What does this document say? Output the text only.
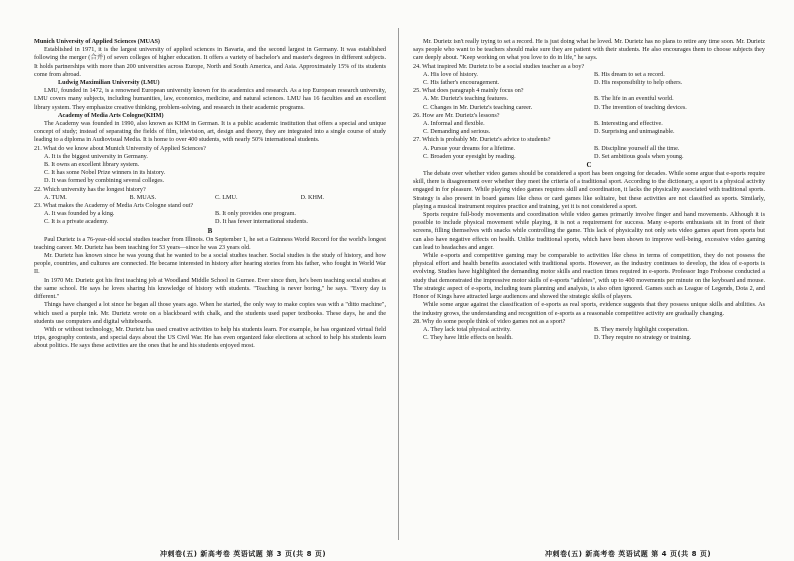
Munich University of Applied Sciences (MUAS)

Established in 1971, it is the largest university of applied sciences in Bavaria, and the second largest in Germany. It was established following the merger (合并) of seven colleges of higher education. It offers a variety of bachelor's and master's degrees in different subjects. It holds partnerships with more than 200 universities across Europe, North and South America, and Asia. Approximately 15% of its students come from abroad.

Ludwig Maximilian University (LMU)

LMU, founded in 1472, is a renowned European university known for its academics and research. As a top European research university, LMU covers many subjects, including humanities, law, economics, medicine, and natural sciences. LMU has 16 faculties and an excellent library system. They emphasize creative thinking, problem-solving, and research in their academic programs.

Academy of Media Arts Cologne(KHM)

The Academy was founded in 1990, also known as KHM in German. It is a public academic institution that offers a special and unique concept of study; instead of separating the fields of film, television, art, design and theory, they are integrated into a single course of study leading to a diploma in Audiovisual Media. It is home to over 400 students, with nearly 50% international students.

21. What do we know about Munich University of Applied Sciences?

A. It is the biggest university in Germany.
B. It owns an excellent library system.
C. It has some Nobel Prize winners in its history.
D. It was formed by combining several colleges.

22. Which university has the longest history?

A. TUM.	B. MUAS.	C. LMU.	D. KHM.

23. What makes the Academy of Media Arts Cologne stand out?

A. It was founded by a king.	B. It only provides one program.
C. It is a private academy.	D. It has fewer international students.

B

Paul Durietz is a 76-year-old social studies teacher from Illinois. On September 1, he set a Guinness World Record for the world's longest teaching career. Mr. Durietz has been teaching for 53 years—since he was 23 years old.

Mr. Durietz has known since he was young that he wanted to be a social studies teacher. Social studies is the study of history, and how people, countries, and cultures are connected. He became interested in history after hearing stories from his father, who fought in World War II.

In 1970 Mr. Durietz got his first teaching job at Woodland Middle School in Gurnee. Ever since then, he's been teaching social studies at the same school. He says he loves sharing his knowledge of history with students. "Teaching is never boring," he says. "Every day is different."

Things have changed a lot since he began all those years ago. When he started, the only way to make copies was with a "ditto machine", which used a purple ink. Mr. Durietz wrote on a blackboard with chalk, and the students used paper textbooks. These days, he and the students use computers and digital whiteboards.

With or without technology, Mr. Durietz has used creative activities to help his students learn. For example, he has organized virtual field trips, geography contests, and special days about the US Civil War. He has even organized fake elections at school to help his students learn about politics. He says these activities are the ones that he and his students enjoyed most.

Mr. Durietz isn't really trying to set a record. He is just doing what he loved. Mr. Durietz has no plans to retire any time soon. Mr. Durietz says people who want to be teachers should make sure they are patient with their students. He also encourages them to choose subjects they care deeply about. "Keep working on what you love to do in life," he says.

24. What inspired Mr. Durietz to be a social studies teacher as a boy?

A. His love of history.	B. His dream to set a record.
C. His father's encouragement.	D. His responsibility to help others.

25. What does paragraph 4 mainly focus on?

A. Mr. Durietz's teaching features.	B. The life in an eventful world.
C. Changes in Mr. Durietz's teaching career.	D. The invention of teaching devices.

26. How are Mr. Durietz's lessons?

A. Informal and flexible.	B. Interesting and effective.
C. Demanding and serious.	D. Surprising and unimaginable.

27. Which is probably Mr. Durietz's advice to students?

A. Pursue your dreams for a lifetime.	B. Discipline yourself all the time.
C. Broaden your eyesight by reading.	D. Set ambitious goals when young.

C

The debate over whether video games should be considered a sport has been ongoing for decades. While some argue that e-sports require skill, there is disagreement over whether they meet the criteria of a traditional sport. According to the dictionary, a sport is a physical activity engaged in for pleasure. While playing video games requires skill and coordination, it lacks the physicality associated with traditional sports. Strategy is also present in board games like chess or card games like solitaire, but these activities are not classified as sports. Similarly, playing a musical instrument requires practice and training, yet it is not considered a sport.

Sports require full-body movements and coordination while video games primarily involve finger and hand movements. Although it is possible to include physical movement while playing, it is not a requirement for success. Many e-sports enthusiasts sit in front of their screens, filling themselves with snacks while controlling the game. This lack of physicality not only sets video games apart from sports but can also have negative effects on health. Unlike traditional sports, which have been shown to improve well-being, excessive video gaming can lead to headaches and anger.

While e-sports and competitive gaming may be comparable to activities like chess in terms of competition, they do not possess the physical effort and health benefits associated with traditional sports. However, as the industry continues to develop, the idea of e-sports is evolving. Studies have highlighted the demanding motor skills and reaction times required in e-sports. Professor Ingo Froboese conducted a study that demonstrated the impressive motor skills of e-sports "athletes", with up to 400 movements per minute on the keyboard and mouse. The strategic aspect of e-sports, including team planning and analysis, is also often ignored. Games such as League of Legends, Dota 2, and Honor of Kings have attracted large audiences and showed the strategic skills of players.

While some argue against the classification of e-sports as real sports, evidence suggests that they possess unique skills and abilities. As the industry grows, the understanding and recognition of e-sports as a reasonable competitive activity are gradually changing.

28. Why do some people think of video games not as a sport?

A. They lack total physical activity.	B. They merely highlight cooperation.
C. They have little effects on health.	D. They require no strategy or training.
冲刺卷(五) 新高考卷 英语试题 第 3 页(共 8 页)	冲刺卷(五) 新高考卷 英语试题 第 4 页(共 8 页)
